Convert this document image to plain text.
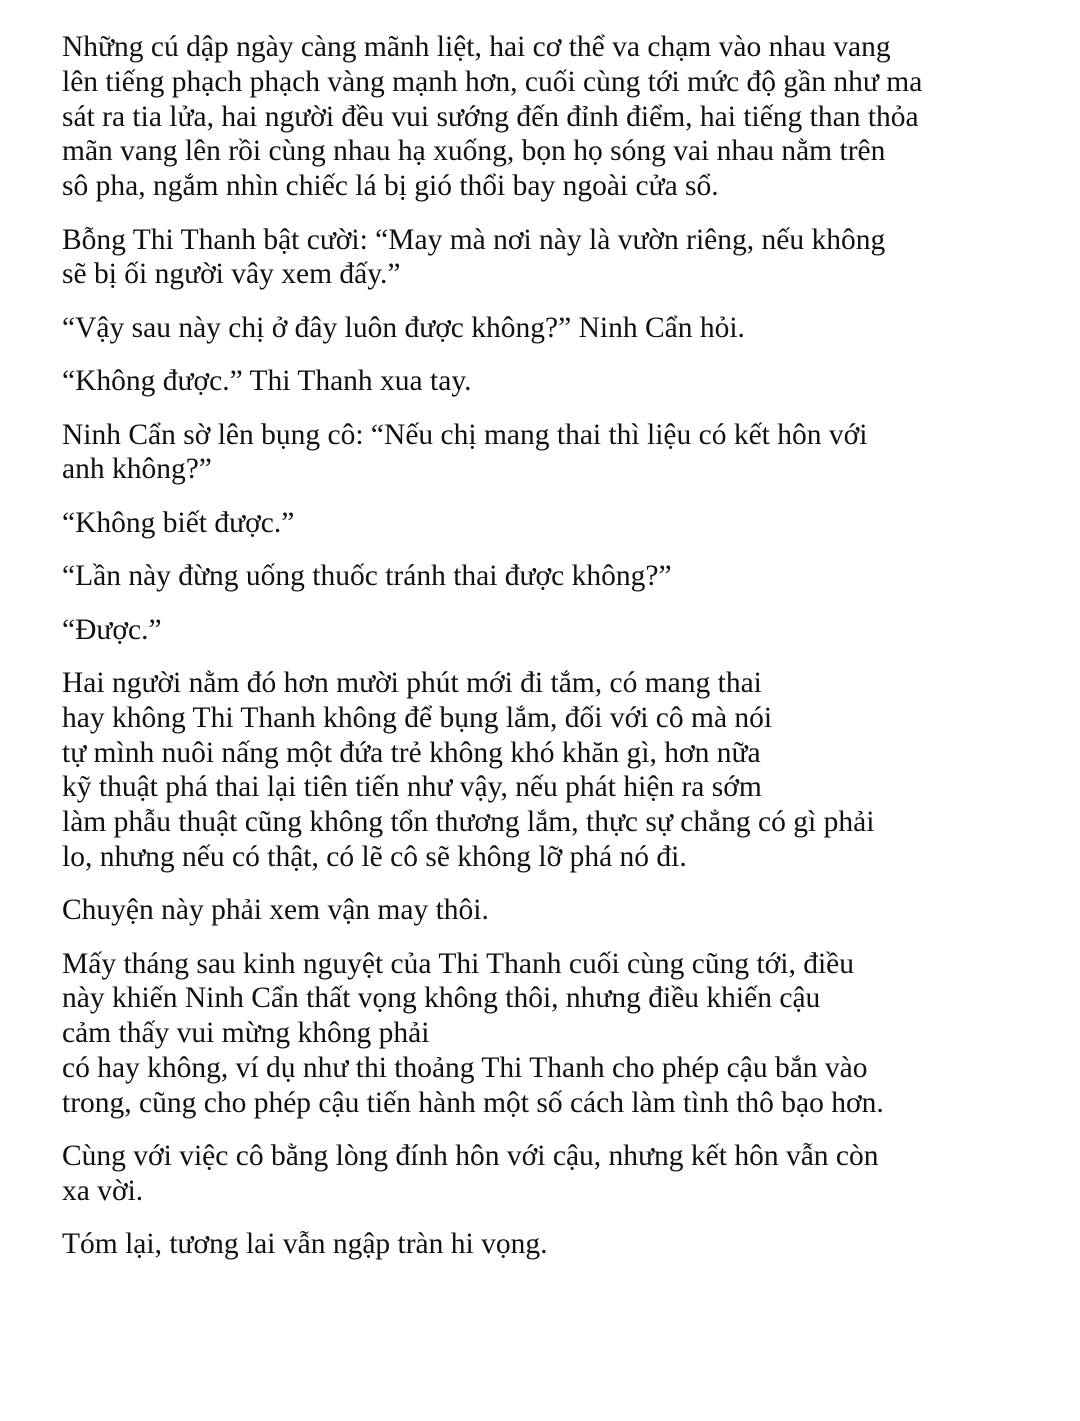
Những cú dập ngày càng mãnh liệt, hai cơ thể va chạm vào nhau vang
lên tiếng phạch phạch vàng mạnh hơn, cuối cùng tới mức độ gần như ma
sát ra tia lửa, hai người đều vui sướng đến đỉnh điểm, hai tiếng than thỏa
mãn vang lên rồi cùng nhau hạ xuống, bọn họ sóng vai nhau nằm trên
sô pha, ngắm nhìn chiếc lá bị gió thổi bay ngoài cửa sổ.

Bỗng Thi Thanh bật cười: “May mà nơi này là vườn riêng, nếu không
sẽ bị ối người vây xem đấy.”

“Vậy sau này chị ở đây luôn được không?” Ninh Cẩn hỏi.

“Không được.” Thi Thanh xua tay.

Ninh Cẩn sờ lên bụng cô: “Nếu chị mang thai thì liệu có kết hôn với
anh không?”

“Không biết được.”

“Lần này đừng uống thuốc tránh thai được không?”

“Được.”

Hai người nằm đó hơn mười phút mới đi tắm, có mang thai
hay không Thi Thanh không để bụng lắm, đối với cô mà nói
tự mình nuôi nấng một đứa trẻ không khó khăn gì, hơn nữa
kỹ thuật phá thai lại tiên tiến như vậy, nếu phát hiện ra sớm
làm phẫu thuật cũng không tổn thương lắm, thực sự chẳng có gì phải
lo, nhưng nếu có thật, có lẽ cô sẽ không lỡ phá nó đi.

Chuyện này phải xem vận may thôi.

Mấy tháng sau kinh nguyệt của Thi Thanh cuối cùng cũng tới, điều
này khiến Ninh Cẩn thất vọng không thôi, nhưng điều khiến cậu
cảm thấy vui mừng không phải
có hay không, ví dụ như thi thoảng Thi Thanh cho phép cậu bắn vào
trong, cũng cho phép cậu tiến hành một số cách làm tình thô bạo hơn.

Cùng với việc cô bằng lòng đính hôn với cậu, nhưng kết hôn vẫn còn
xa vời.

Tóm lại, tương lai vẫn ngập tràn hi vọng.
